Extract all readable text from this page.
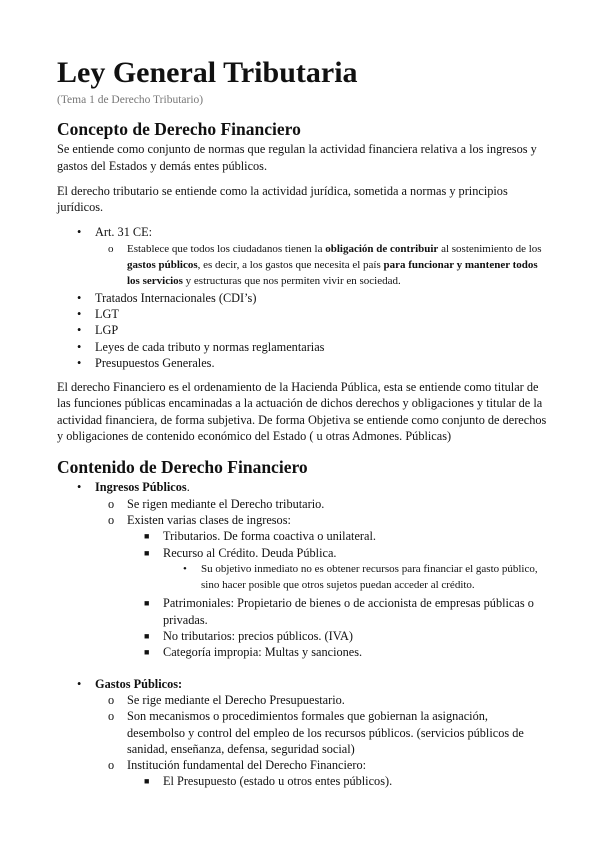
Ley General Tributaria
(Tema 1 de Derecho Tributario)
Concepto de Derecho Financiero

Se entiende como conjunto de normas que regulan la actividad financiera relativa a los ingresos y gastos del Estados y demás entes públicos.

El derecho tributario se entiende como la actividad jurídica, sometida a normas y principios jurídicos.

• Art. 31 CE:
o Establece que todos los ciudadanos tienen la obligación de contribuir al sostenimiento de los gastos públicos, es decir, a los gastos que necesita el país para funcionar y mantener todos los servicios y estructuras que nos permiten vivir en sociedad.
• Tratados Internacionales (CDI’s)
• LGT
• LGP
• Leyes de cada tributo y normas reglamentarias
• Presupuestos Generales.

El derecho Financiero es el ordenamiento de la Hacienda Pública, esta se entiende como titular de las funciones públicas encaminadas a la actuación de dichos derechos y obligaciones y titular de la actividad financiera, de forma subjetiva. De forma Objetiva se entiende como conjunto de derechos y obligaciones de contenido económico del Estado ( u otras Admones. Públicas)

Contenido de Derecho Financiero
• Ingresos Públicos.
o Se rigen mediante el Derecho tributario.
o Existen varias clases de ingresos:
■ Tributarios. De forma coactiva o unilateral.
■ Recurso al Crédito. Deuda Pública.
• Su objetivo inmediato no es obtener recursos para financiar el gasto público, sino hacer posible que otros sujetos puedan acceder al crédito.
■ Patrimoniales: Propietario de bienes o de accionista de empresas públicas o privadas.
■ No tributarios: precios públicos. (IVA)
■ Categoría impropia: Multas y sanciones.
• Gastos Públicos:
o Se rige mediante el Derecho Presupuestario.
o Son mecanismos o procedimientos formales que gobiernan la asignación, desembolso y control del empleo de los recursos públicos. (servicios públicos de sanidad, enseñanza, defensa, seguridad social)
o Institución fundamental del Derecho Financiero:
■ El Presupuesto (estado u otros entes públicos).
